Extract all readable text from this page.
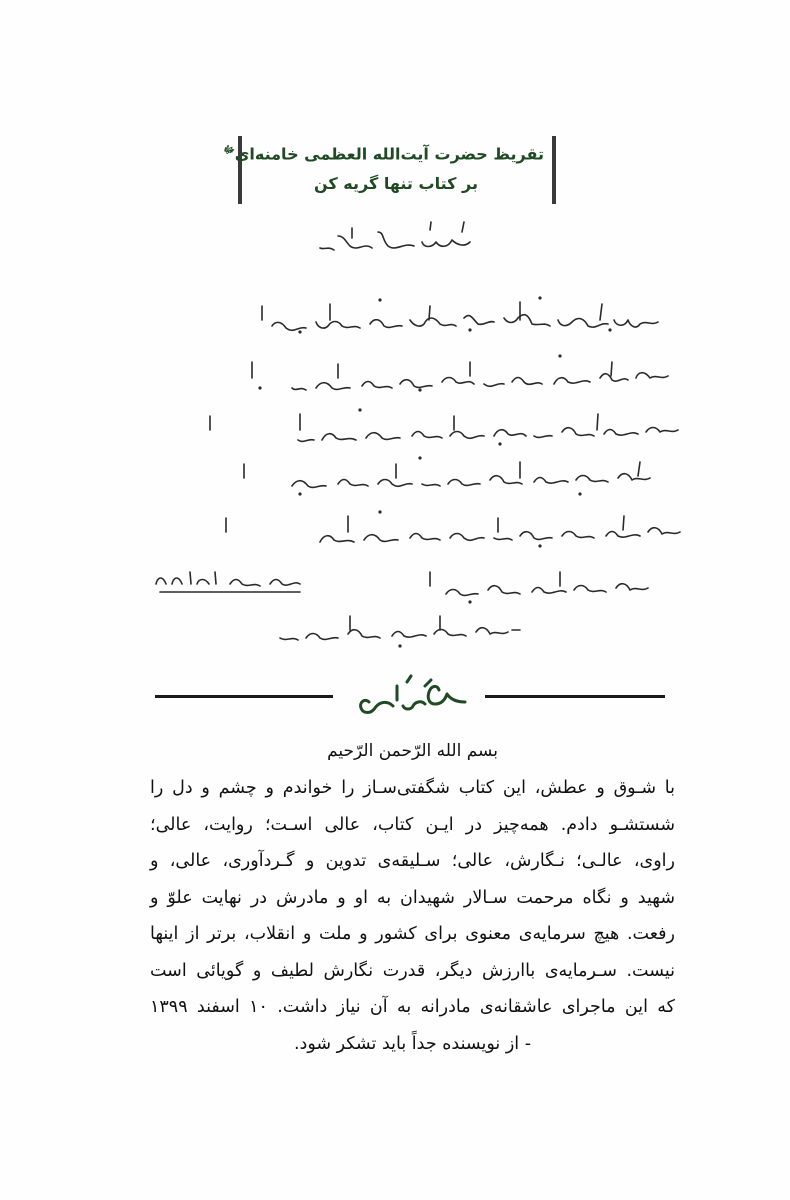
تقریظ حضرت آیت‌الله العظمی خامنه‌ای$^ﷻ$
بر کتاب تنها گریه کن

بسم الله الرّحمن الرّحیم

با شـوق و عطش، این کتاب شگفتی‌سـاز را خواندم و چشم و دل را

شستشـو دادم. همه‌چیز در ایـن کتاب، عالی اسـت؛ روایت، عالی؛

راوی، عالـی؛ نـگارش، عالی؛ سـلیقه‌ی تدوین و گـردآوری، عالی، و

شهید و نگاه مرحمت سـالار شهیدان به او و مادرش در نهایت علوّ و

رفعت. هیچ سرمایه‌ی معنوی برای کشور و ملت و انقلاب، برتر از اینها

نیست. سـرمایه‌ی باارزش دیگر، قدرت نگارش لطیف و گویائی است

که این ماجرای عاشقانه‌ی مادرانه به آن نیاز داشت. ۱۰ اسفند ۱۳۹۹

- از نویسنده جداً باید تشکر شود.
